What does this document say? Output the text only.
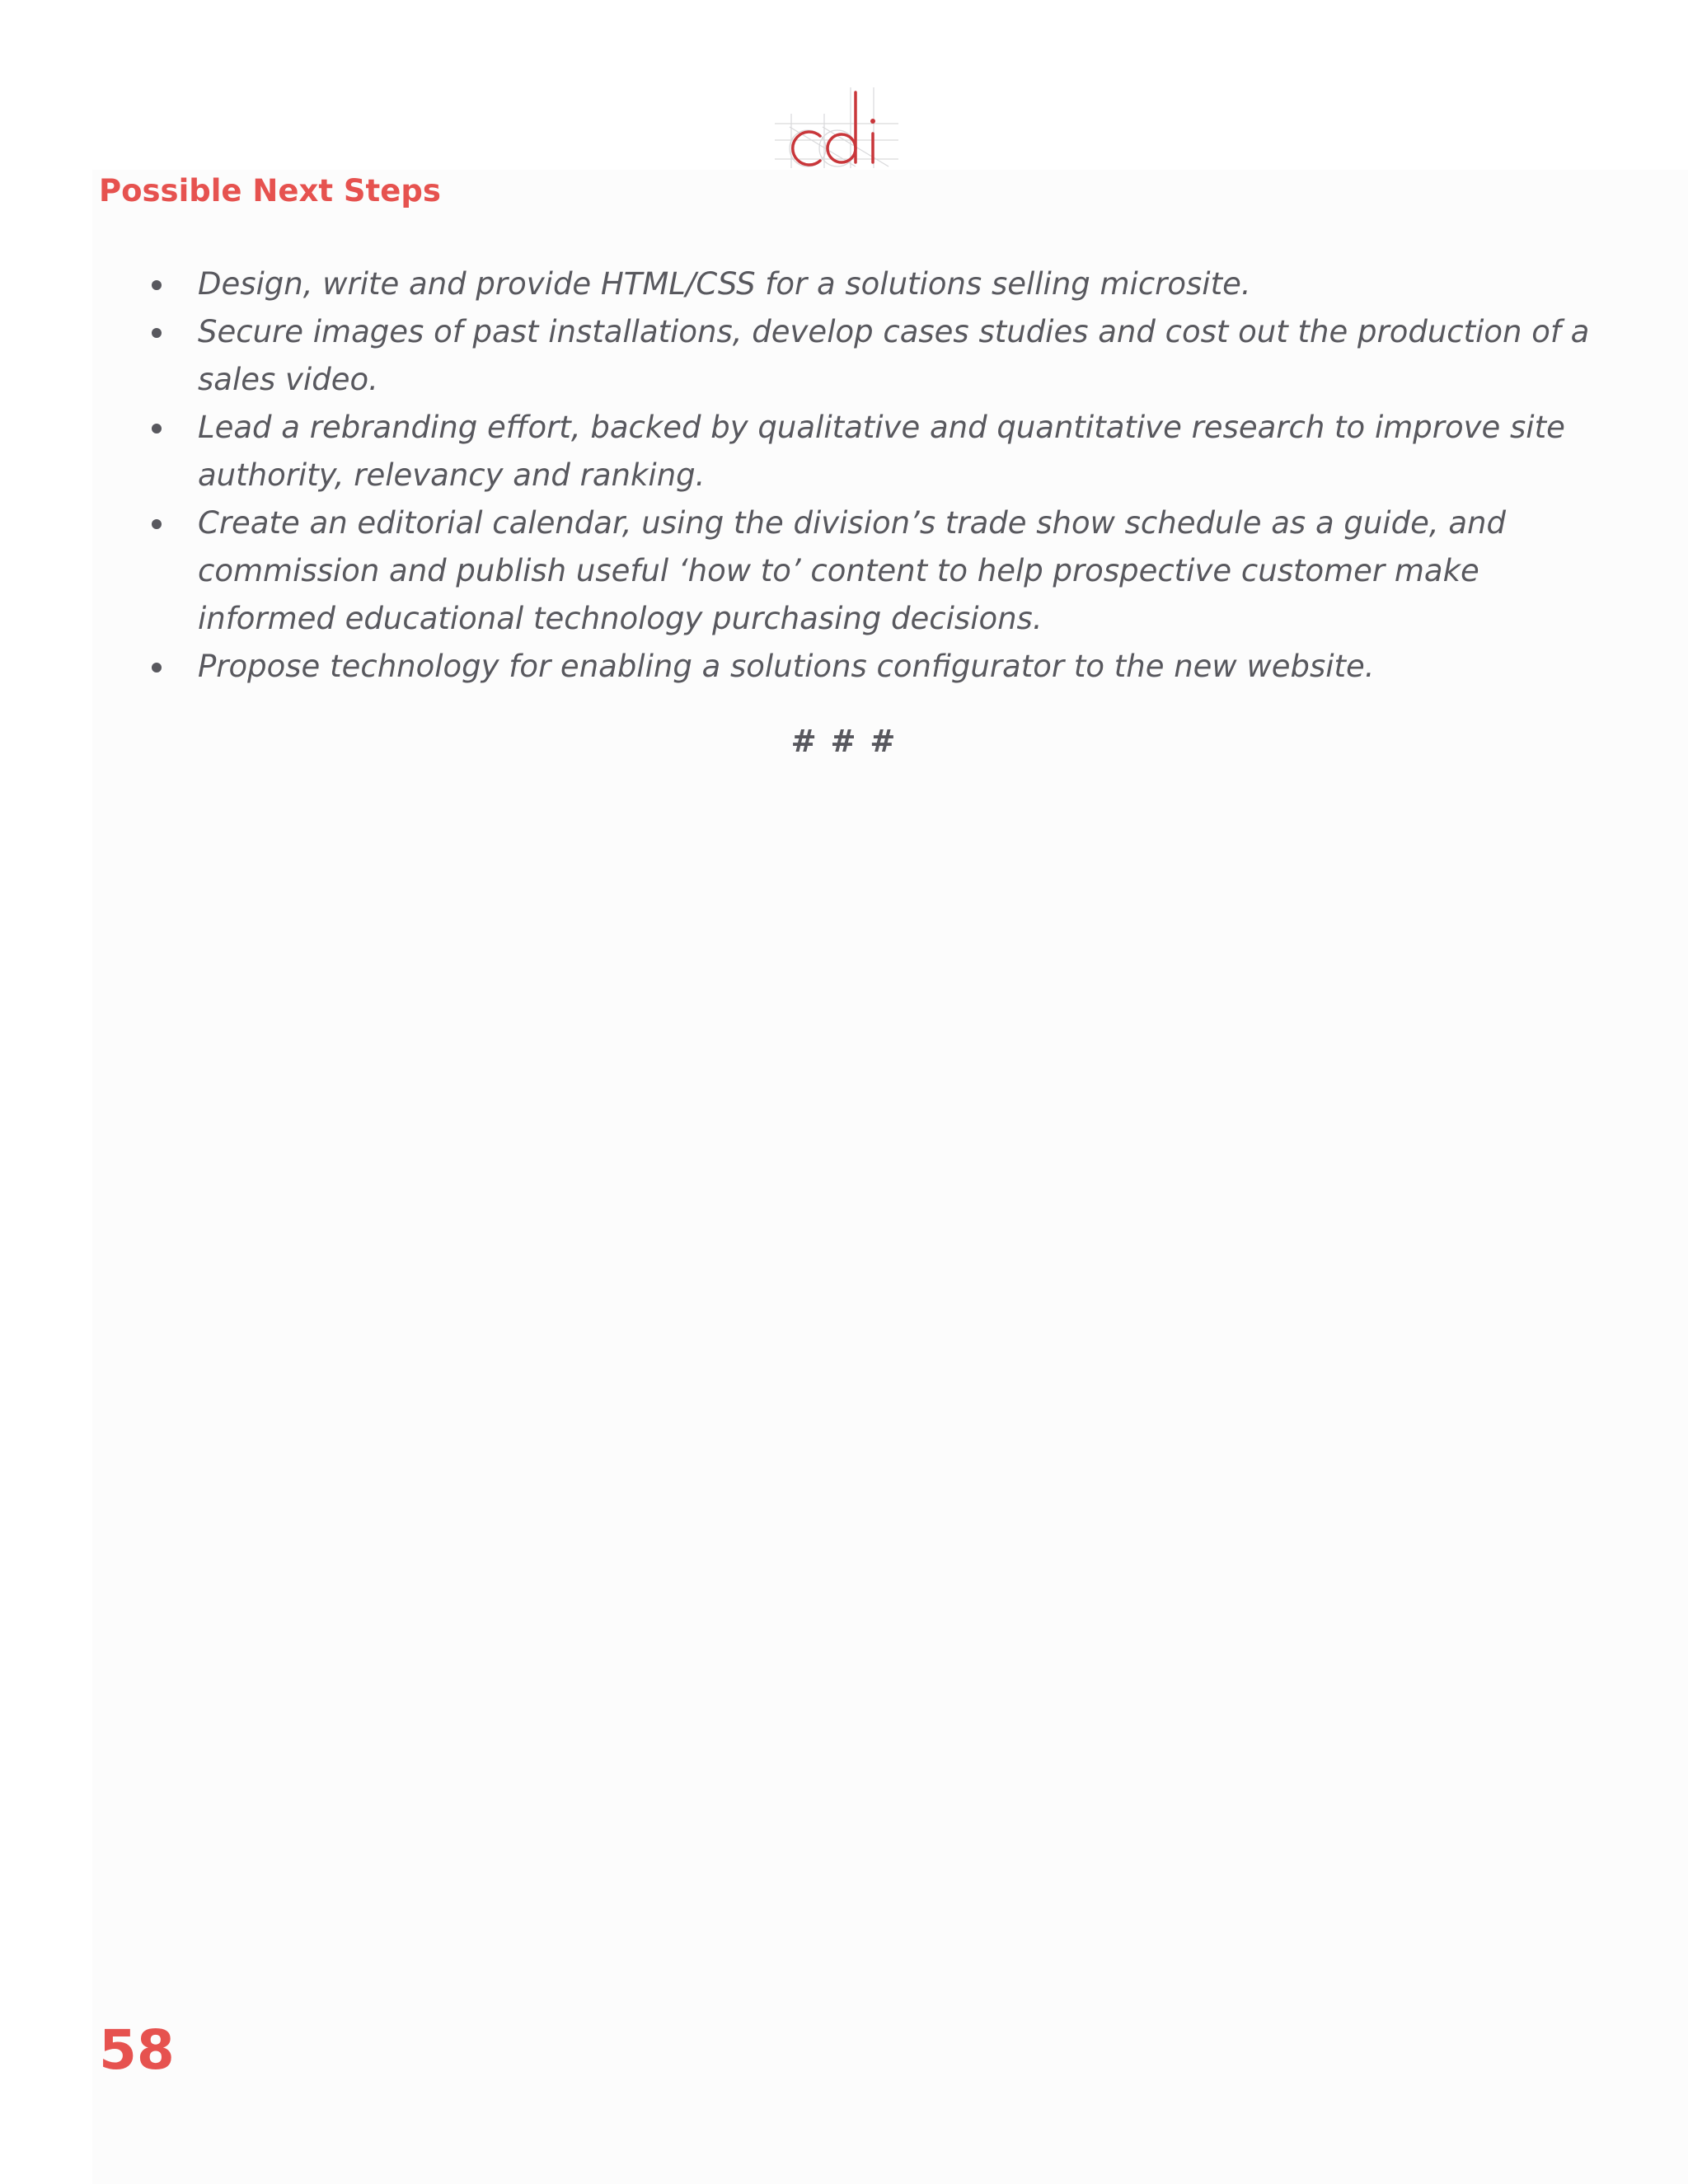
Possible Next Steps
Design, write and provide HTML/CSS for a solutions selling microsite.
Secure images of past installations, develop cases studies and cost out the production of a sales video.
Lead a rebranding effort, backed by qualitative and quantitative research to improve site authority, relevancy and ranking.
Create an editorial calendar, using the division’s trade show schedule as a guide, and commission and publish useful ‘how to’ content to help prospective customer make informed educational technology purchasing decisions.
Propose technology for enabling a solutions configurator to the new website.
# # #
58
